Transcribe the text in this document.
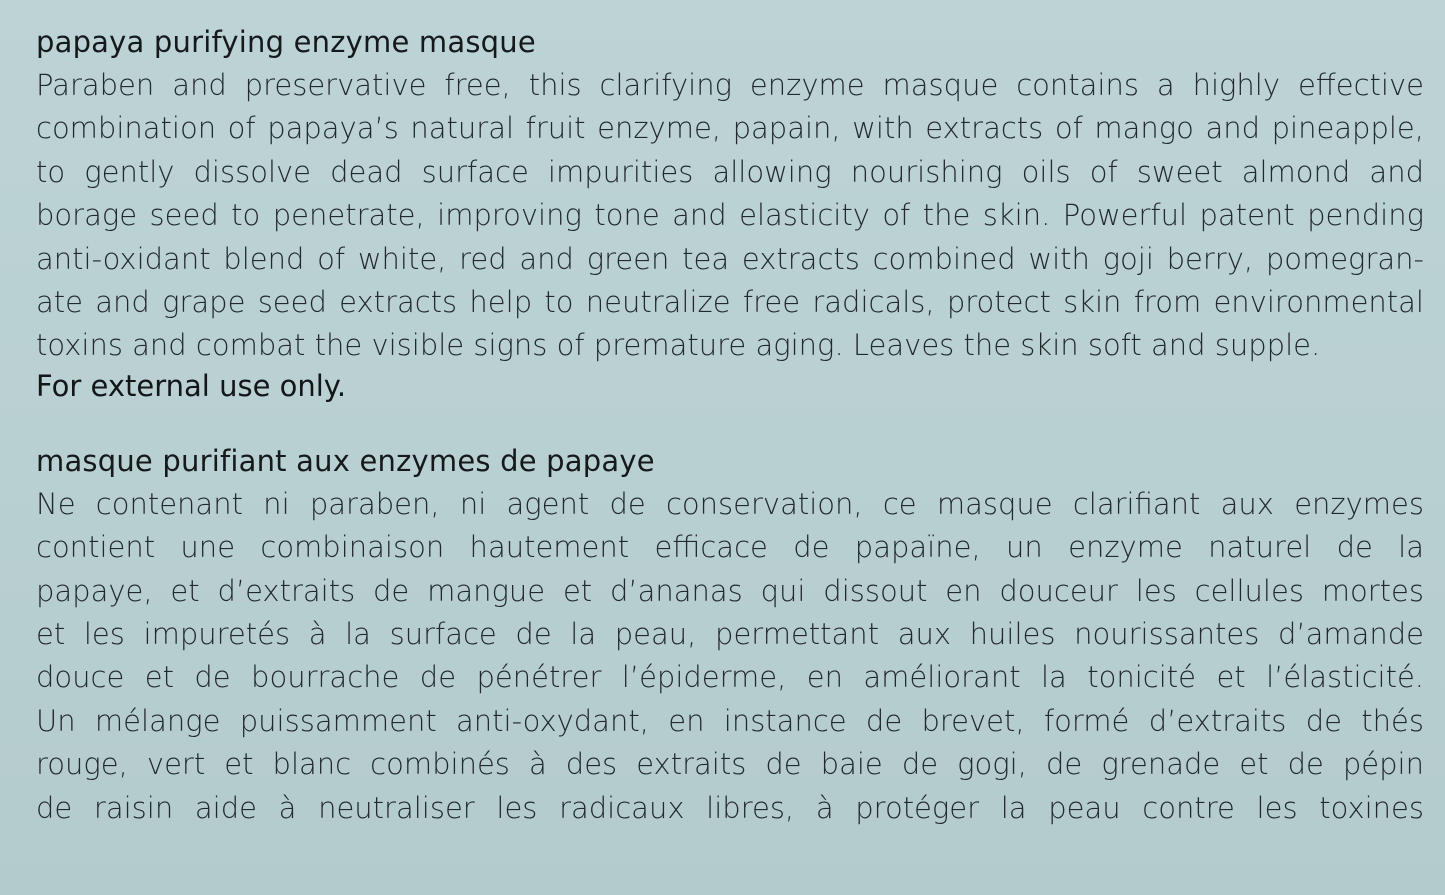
papaya purifying enzyme masque
Paraben and preservative free, this clarifying enzyme masque contains a highly effective
combination of papaya’s natural fruit enzyme, papain, with extracts of mango and pineapple,
to gently dissolve dead surface impurities allowing nourishing oils of sweet almond and
borage seed to penetrate, improving tone and elasticity of the skin. Powerful patent pending
anti-oxidant blend of white, red and green tea extracts combined with goji berry, pomegran-
ate and grape seed extracts help to neutralize free radicals, protect skin from environmental
toxins and combat the visible signs of premature aging. Leaves the skin soft and supple.
For external use only.
masque purifiant aux enzymes de papaye
Ne contenant ni paraben, ni agent de conservation, ce masque clarifiant aux enzymes
contient une combinaison hautement efficace de papaïne, un enzyme naturel de la
papaye, et d’extraits de mangue et d’ananas qui dissout en douceur les cellules mortes
et les impuretés à la surface de la peau, permettant aux huiles nourissantes d’amande
douce et de bourrache de pénétrer l’épiderme, en améliorant la tonicité et l’élasticité.
Un mélange puissamment anti-oxydant, en instance de brevet, formé d’extraits de thés
rouge, vert et blanc combinés à des extraits de baie de gogi, de grenade et de pépin
de raisin aide à neutraliser les radicaux libres, à protéger la peau contre les toxines
